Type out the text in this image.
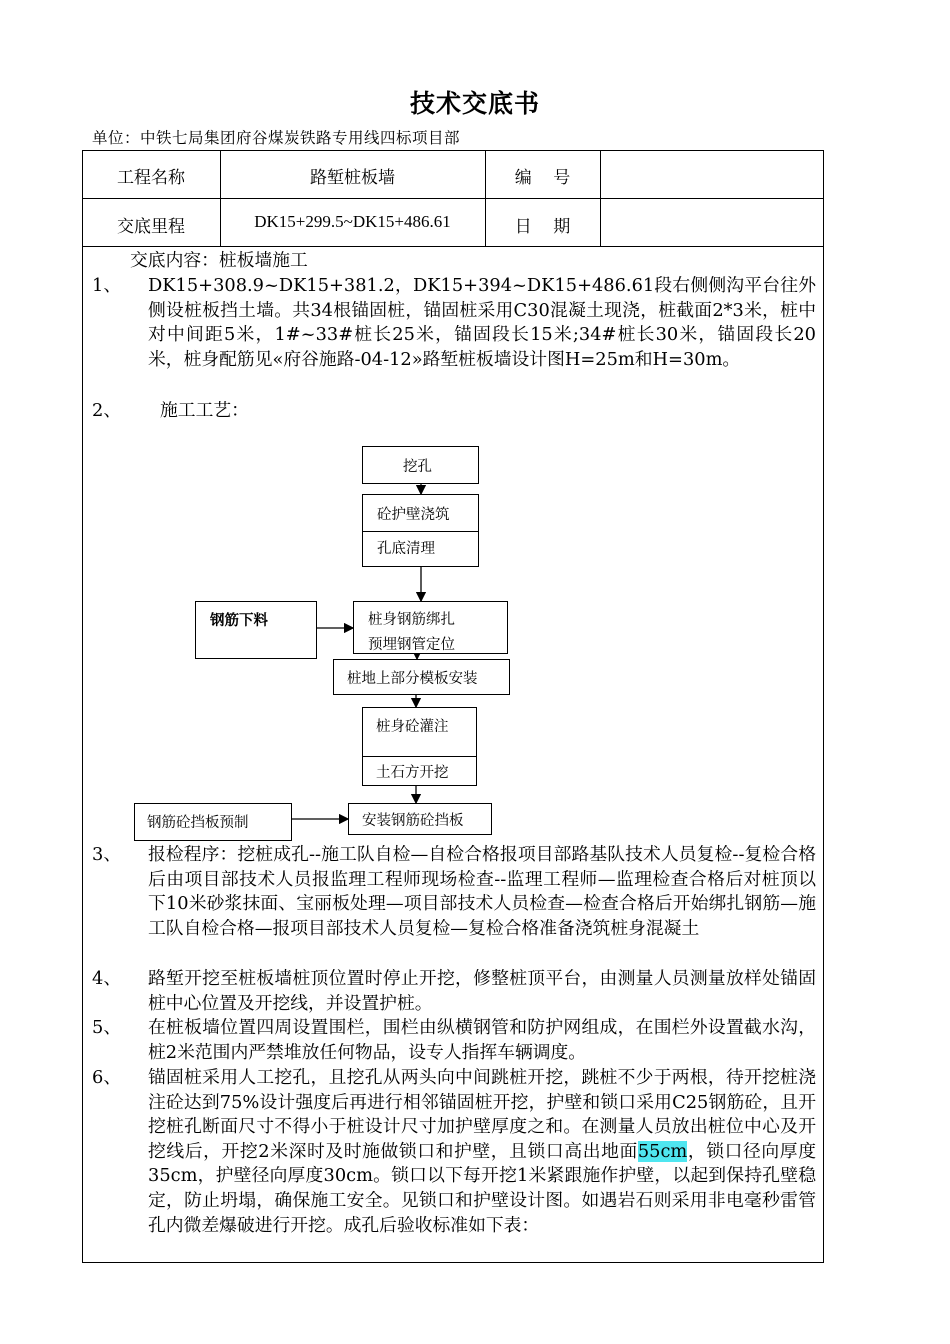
技术交底书
单位：中铁七局集团府谷煤炭铁路专用线四标项目部
工程名称	路堑桩板墙	编    号
交底里程	DK15+299.5~DK15+486.61	日    期
交底内容：桩板墙施工
1、 DK15+308.9~DK15+381.2，DK15+394~DK15+486.61段右侧侧沟平台往外侧设桩板挡土墙。共34根锚固桩，锚固桩采用C30混凝土现浇，桩截面2*3米，桩中对中间距5米，1#~33#桩长25米，锚固段长15米;34#桩长30米，锚固段长20米，桩身配筋见«府谷施路-04-12»路堑桩板墙设计图H=25m和H=30m。
2、 施工工艺：
3、 报检程序：挖桩成孔--施工队自检—自检合格报项目部路基队技术人员复检--复检合格后由项目部技术人员报监理工程师现场检查--监理工程师—监理检查合格后对桩顶以下10米砂浆抹面、宝丽板处理—项目部技术人员检查—检查合格后开始绑扎钢筋—施工队自检合格—报项目部技术人员复检—复检合格准备浇筑桩身混凝土
4、 路堑开挖至桩板墙桩顶位置时停止开挖，修整桩顶平台，由测量人员测量放样处锚固桩中心位置及开挖线，并设置护桩。
5、 在桩板墙位置四周设置围栏，围栏由纵横钢管和防护网组成，在围栏外设置截水沟，桩2米范围内严禁堆放任何物品，设专人指挥车辆调度。
6、 锚固桩采用人工挖孔，且挖孔从两头向中间跳桩开挖，跳桩不少于两根，待开挖桩浇注砼达到75%设计强度后再进行相邻锚固桩开挖，护壁和锁口采用C25钢筋砼，且开挖桩孔断面尺寸不得小于桩设计尺寸加护壁厚度之和。在测量人员放出桩位中心及开挖线后，开挖2米深时及时施做锁口和护壁，且锁口高出地面55cm，锁口径向厚度35cm，护壁径向厚度30cm。锁口以下每开挖1米紧跟施作护壁，以起到保持孔壁稳定，防止坍塌，确保施工安全。见锁口和护壁设计图。如遇岩石则采用非电毫秒雷管孔内微差爆破进行开挖。成孔后验收标准如下表：
挖孔
砼护壁浇筑
孔底清理
钢筋下料	桩身钢筋绑扎
预埋钢管定位
桩地上部分模板安装
桩身砼灌注
土石方开挖
钢筋砼挡板预制	安装钢筋砼挡板
